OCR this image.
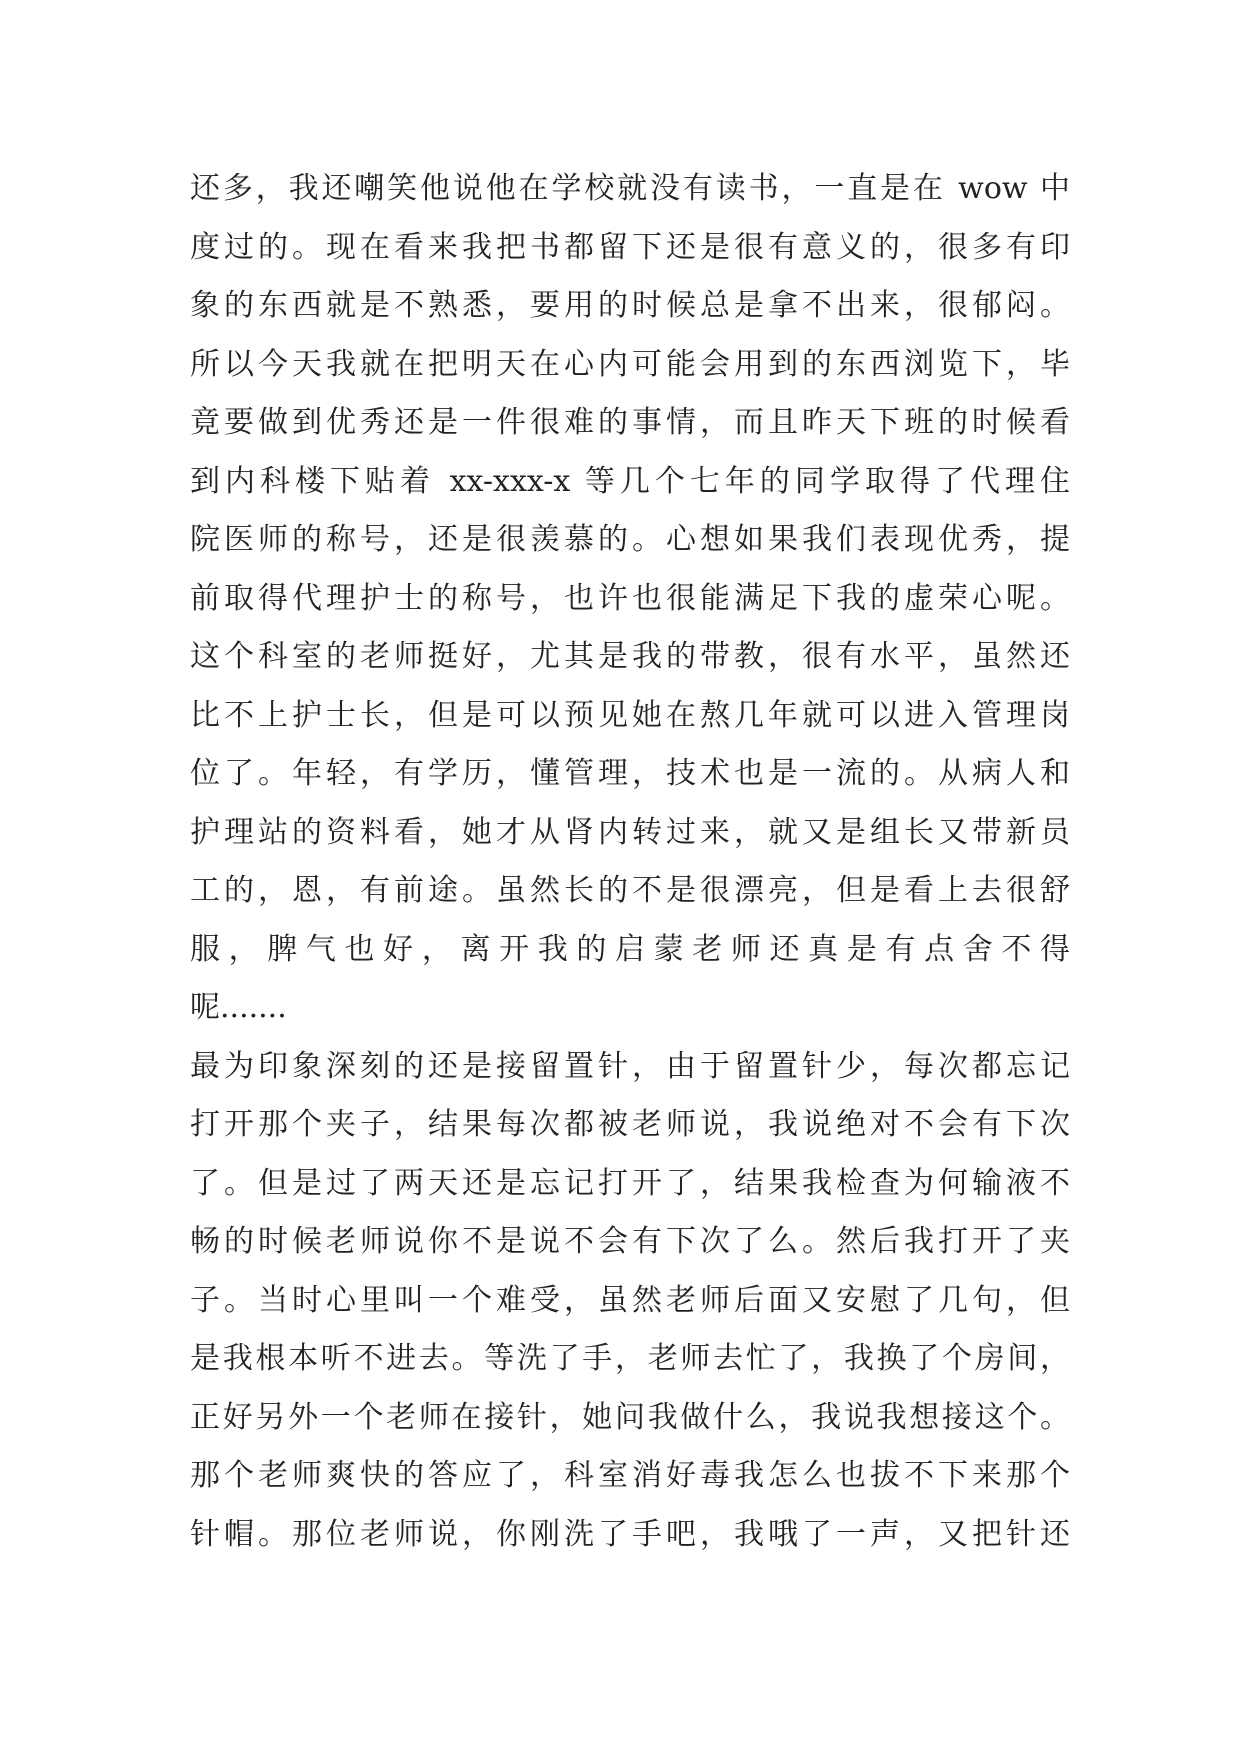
还多，我还嘲笑他说他在学校就没有读书，一直是在 wow 中
度过的。现在看来我把书都留下还是很有意义的，很多有印
象的东西就是不熟悉，要用的时候总是拿不出来，很郁闷。
所以今天我就在把明天在心内可能会用到的东西浏览下，毕
竟要做到优秀还是一件很难的事情，而且昨天下班的时候看
到内科楼下贴着 xx-xxx-x 等几个七年的同学取得了代理住
院医师的称号，还是很羡慕的。心想如果我们表现优秀，提
前取得代理护士的称号，也许也很能满足下我的虚荣心呢。
这个科室的老师挺好，尤其是我的带教，很有水平，虽然还
比不上护士长，但是可以预见她在熬几年就可以进入管理岗
位了。年轻，有学历，懂管理，技术也是一流的。从病人和
护理站的资料看，她才从肾内转过来，就又是组长又带新员
工的，恩，有前途。虽然长的不是很漂亮，但是看上去很舒
服，脾气也好，离开我的启蒙老师还真是有点舍不得
呢.......
最为印象深刻的还是接留置针，由于留置针少，每次都忘记
打开那个夹子，结果每次都被老师说，我说绝对不会有下次
了。但是过了两天还是忘记打开了，结果我检查为何输液不
畅的时候老师说你不是说不会有下次了么。然后我打开了夹
子。当时心里叫一个难受，虽然老师后面又安慰了几句，但
是我根本听不进去。等洗了手，老师去忙了，我换了个房间，
正好另外一个老师在接针，她问我做什么，我说我想接这个。
那个老师爽快的答应了，科室消好毒我怎么也拔不下来那个
针帽。那位老师说，你刚洗了手吧，我哦了一声，又把针还
